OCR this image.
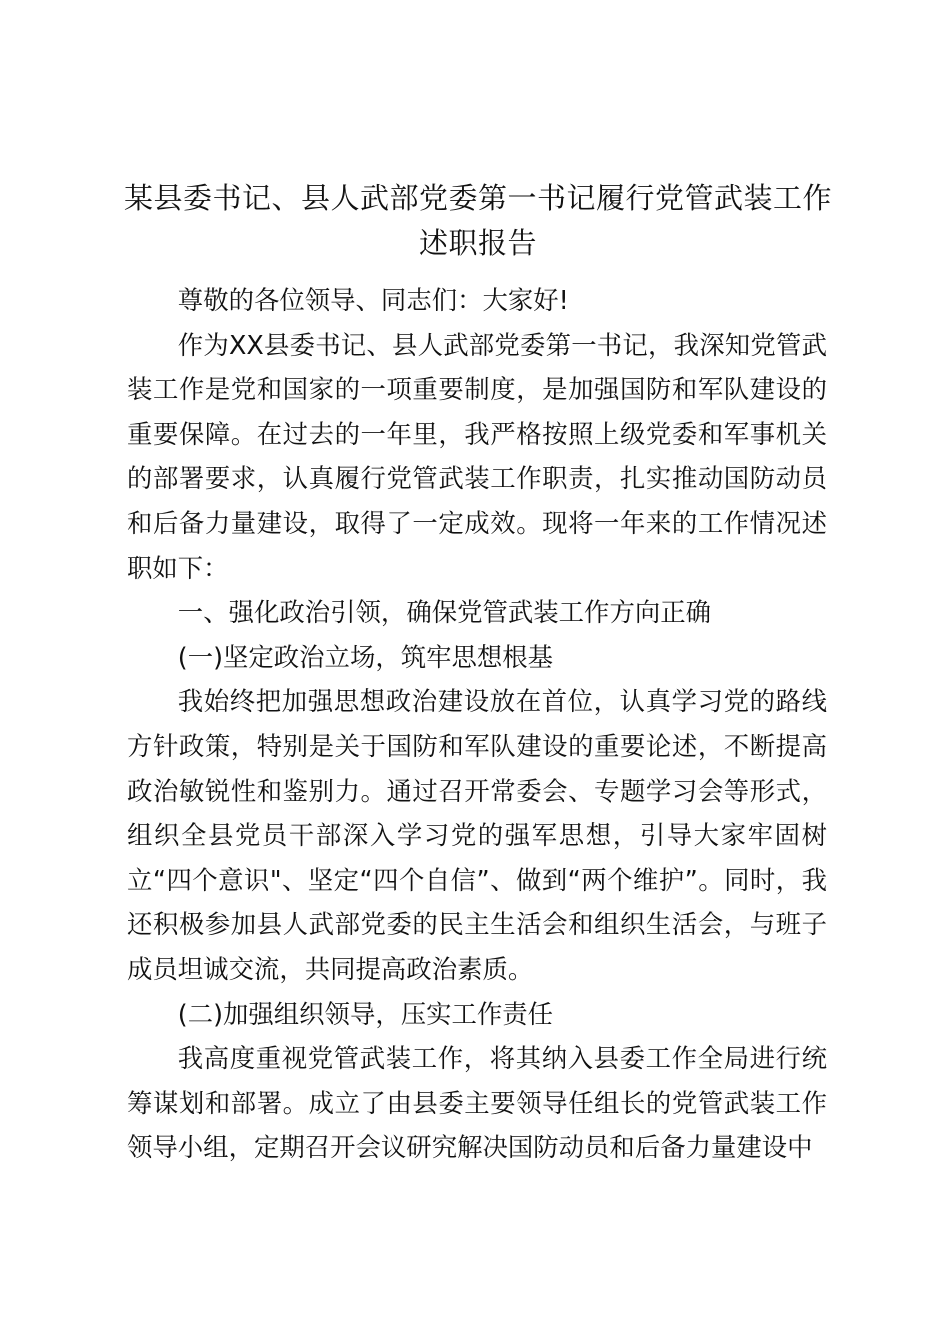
某县委书记、县人武部党委第一书记履行党管武装工作述职报告

尊敬的各位领导、同志们：大家好!

作为XX县委书记、县人武部党委第一书记，我深知党管武装工作是党和国家的一项重要制度，是加强国防和军队建设的重要保障。在过去的一年里，我严格按照上级党委和军事机关的部署要求，认真履行党管武装工作职责，扎实推动国防动员和后备力量建设，取得了一定成效。现将一年来的工作情况述职如下：

一、强化政治引领，确保党管武装工作方向正确

(一)坚定政治立场，筑牢思想根基

我始终把加强思想政治建设放在首位，认真学习党的路线方针政策，特别是关于国防和军队建设的重要论述，不断提高政治敏锐性和鉴别力。通过召开常委会、专题学习会等形式，组织全县党员干部深入学习党的强军思想，引导大家牢固树立“四个意识"、坚定“四个自信”、做到“两个维护”。同时，我还积极参加县人武部党委的民主生活会和组织生活会，与班子成员坦诚交流，共同提高政治素质。

(二)加强组织领导，压实工作责任

我高度重视党管武装工作，将其纳入县委工作全局进行统筹谋划和部署。成立了由县委主要领导任组长的党管武装工作领导小组，定期召开会议研究解决国防动员和后备力量建设中
